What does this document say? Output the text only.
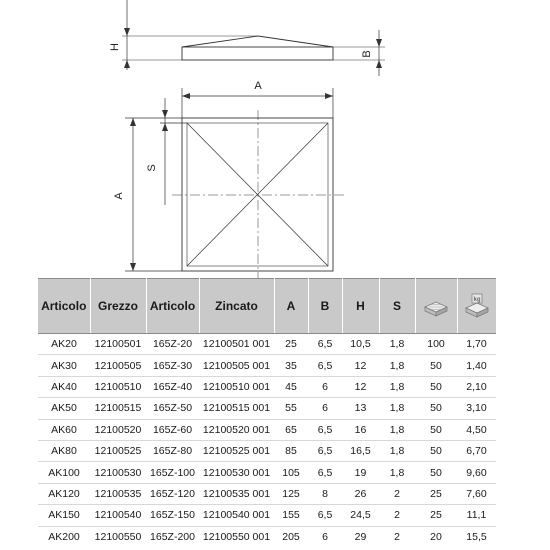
H
B
A
A
S
Articolo	Grezzo	Articolo	Zincato	A	B	H	S		kg

AK20	12100501	165Z-20	12100501 001	25	6,5	10,5	1,8	100	1,70
AK30	12100505	165Z-30	12100505 001	35	6,5	12	1,8	50	1,40
AK40	12100510	165Z-40	12100510 001	45	6	12	1,8	50	2,10
AK50	12100515	165Z-50	12100515 001	55	6	13	1,8	50	3,10
AK60	12100520	165Z-60	12100520 001	65	6,5	16	1,8	50	4,50
AK80	12100525	165Z-80	12100525 001	85	6,5	16,5	1,8	50	6,70
AK100	12100530	165Z-100	12100530 001	105	6,5	19	1,8	50	9,60
AK120	12100535	165Z-120	12100535 001	125	8	26	2	25	7,60
AK150	12100540	165Z-150	12100540 001	155	6,5	24,5	2	25	11,1
AK200	12100550	165Z-200	12100550 001	205	6	29	2	20	15,5
